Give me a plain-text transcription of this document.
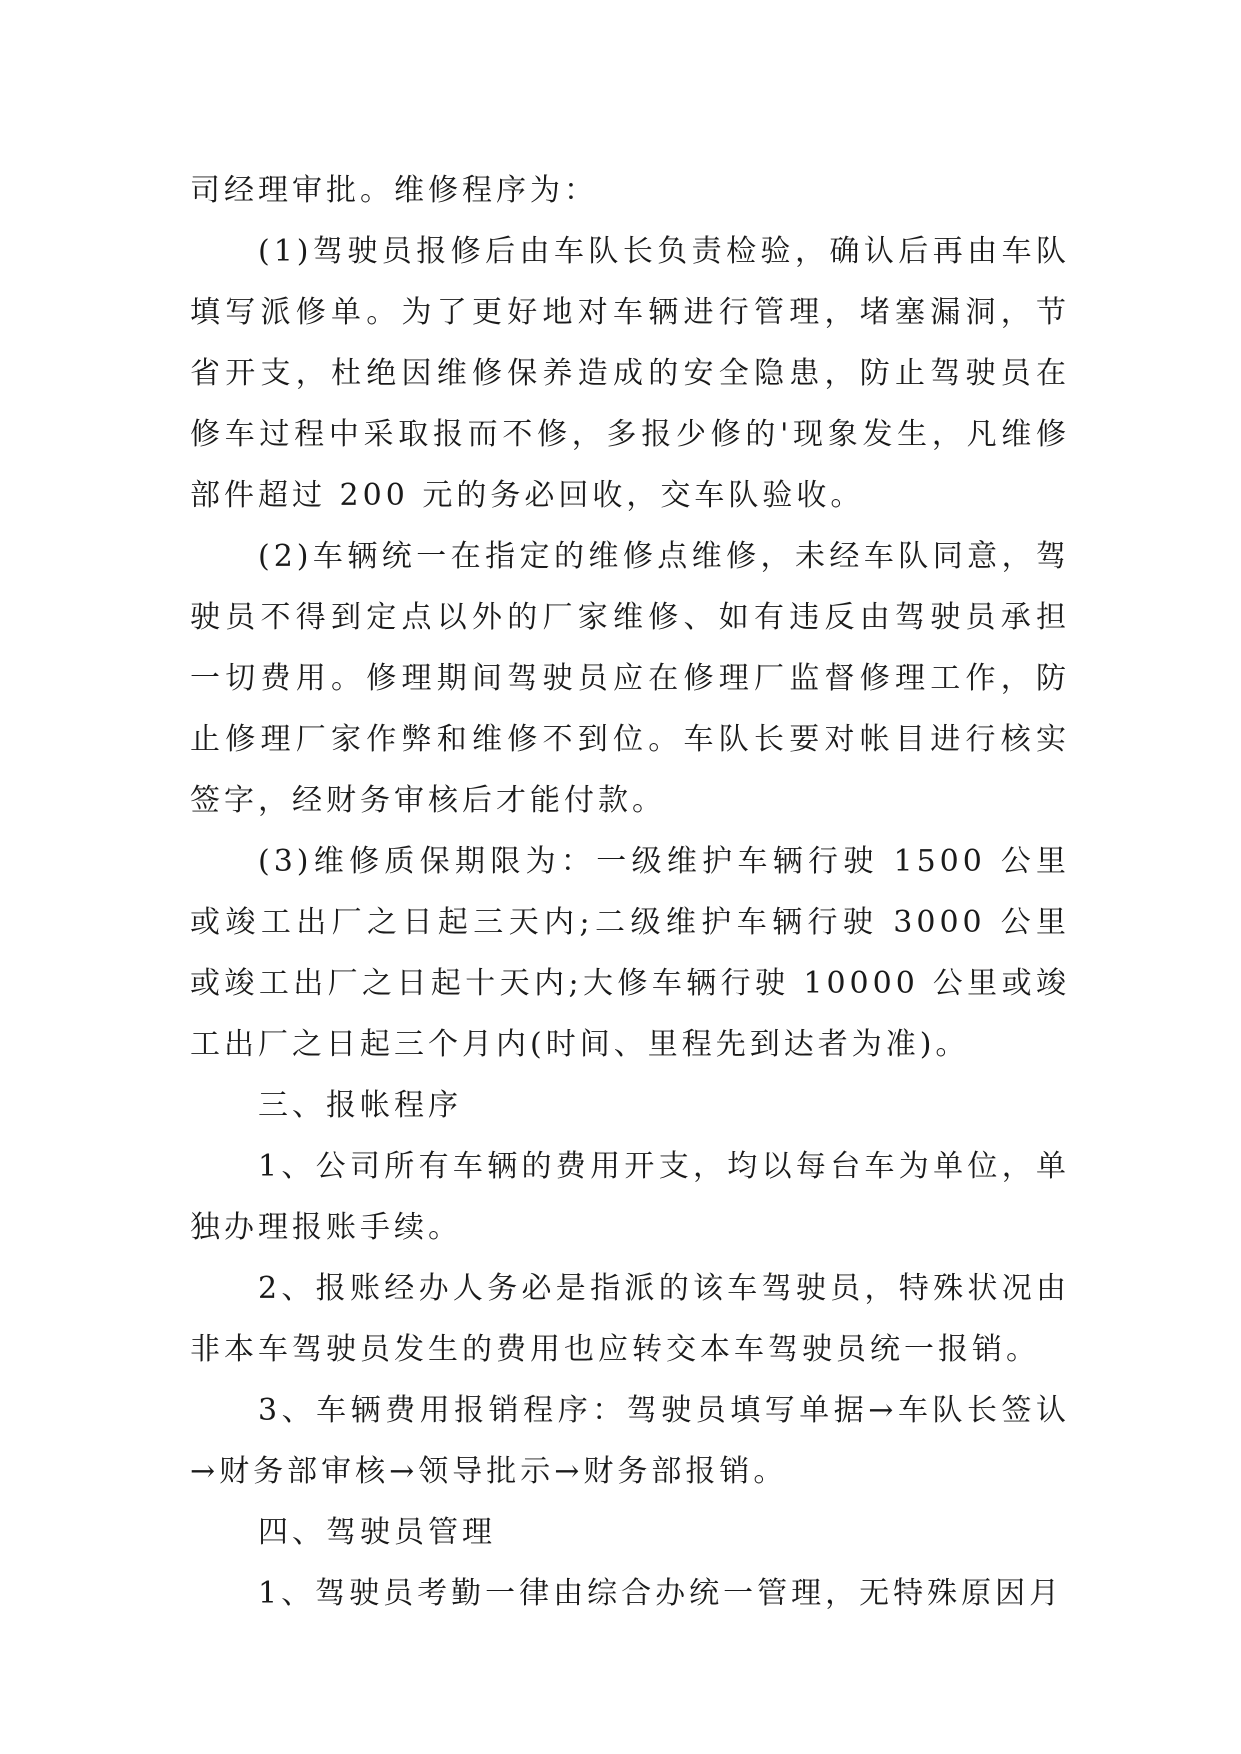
司经理审批。维修程序为：

(1)驾驶员报修后由车队长负责检验，确认后再由车队填写派修单。为了更好地对车辆进行管理，堵塞漏洞，节省开支，杜绝因维修保养造成的安全隐患，防止驾驶员在修车过程中采取报而不修，多报少修的'现象发生，凡维修部件超过 200 元的务必回收，交车队验收。

(2)车辆统一在指定的维修点维修，未经车队同意，驾驶员不得到定点以外的厂家维修、如有违反由驾驶员承担一切费用。修理期间驾驶员应在修理厂监督修理工作，防止修理厂家作弊和维修不到位。车队长要对帐目进行核实签字，经财务审核后才能付款。

(3)维修质保期限为：一级维护车辆行驶 1500 公里或竣工出厂之日起三天内;二级维护车辆行驶 3000 公里或竣工出厂之日起十天内;大修车辆行驶 10000 公里或竣工出厂之日起三个月内(时间、里程先到达者为准)。

三、报帐程序

1、公司所有车辆的费用开支，均以每台车为单位，单独办理报账手续。

2、报账经办人务必是指派的该车驾驶员，特殊状况由非本车驾驶员发生的费用也应转交本车驾驶员统一报销。

3、车辆费用报销程序：驾驶员填写单据→车队长签认→财务部审核→领导批示→财务部报销。

四、驾驶员管理

1、驾驶员考勤一律由综合办统一管理，无特殊原因月
